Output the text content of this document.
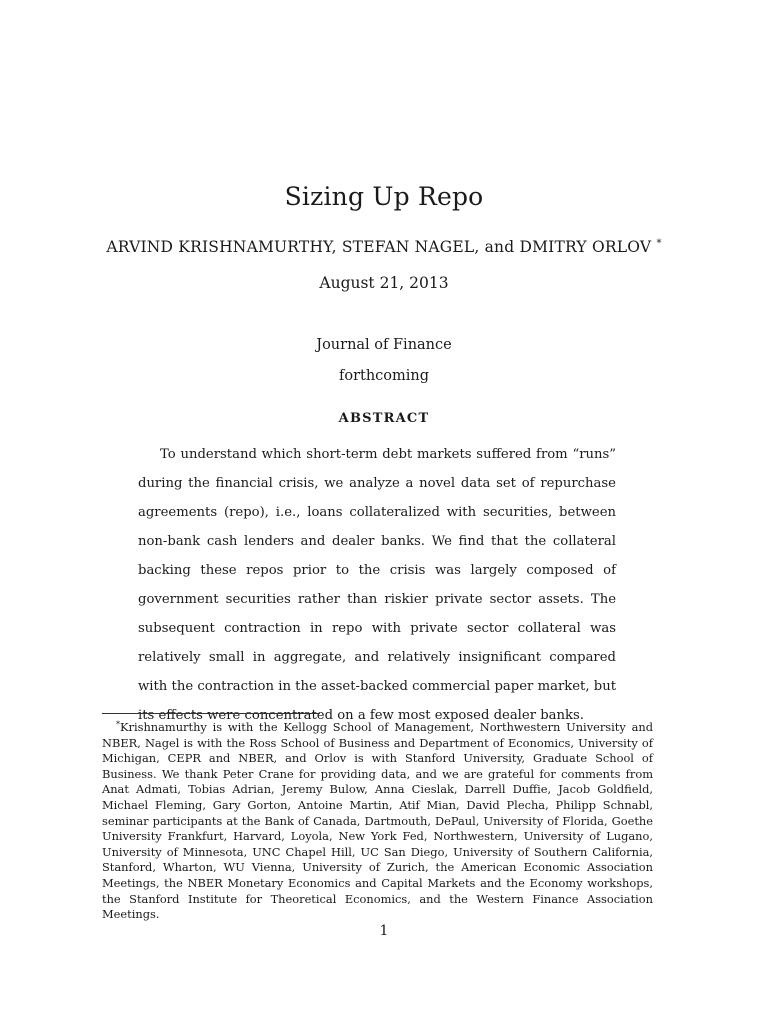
Sizing Up Repo
ARVIND KRISHNAMURTHY, STEFAN NAGEL, and DMITRY ORLOV *
August 21, 2013
Journal of Finance
forthcoming
ABSTRACT

To understand which short-term debt markets suffered from “runs” during the financial crisis, we analyze a novel data set of repurchase agreements (repo), i.e., loans collateralized with securities, between non-bank cash lenders and dealer banks. We find that the collateral backing these repos prior to the crisis was largely composed of government securities rather than riskier private sector assets. The subsequent contraction in repo with private sector collateral was relatively small in aggregate, and relatively insignificant compared with the contraction in the asset-backed commercial paper market, but its effects were concentrated on a few most exposed dealer banks.

*Krishnamurthy is with the Kellogg School of Management, Northwestern University and NBER, Nagel is with the Ross School of Business and Department of Economics, University of Michigan, CEPR and NBER, and Orlov is with Stanford University, Graduate School of Business. We thank Peter Crane for providing data, and we are grateful for comments from Anat Admati, Tobias Adrian, Jeremy Bulow, Anna Cieslak, Darrell Duffie, Jacob Goldfield, Michael Fleming, Gary Gorton, Antoine Martin, Atif Mian, David Plecha, Philipp Schnabl, seminar participants at the Bank of Canada, Dartmouth, DePaul, University of Florida, Goethe University Frankfurt, Harvard, Loyola, New York Fed, Northwestern, University of Lugano, University of Minnesota, UNC Chapel Hill, UC San Diego, University of Southern California, Stanford, Wharton, WU Vienna, University of Zurich, the American Economic Association Meetings, the NBER Monetary Economics and Capital Markets and the Economy workshops, the Stanford Institute for Theoretical Economics, and the Western Finance Association Meetings.

1
